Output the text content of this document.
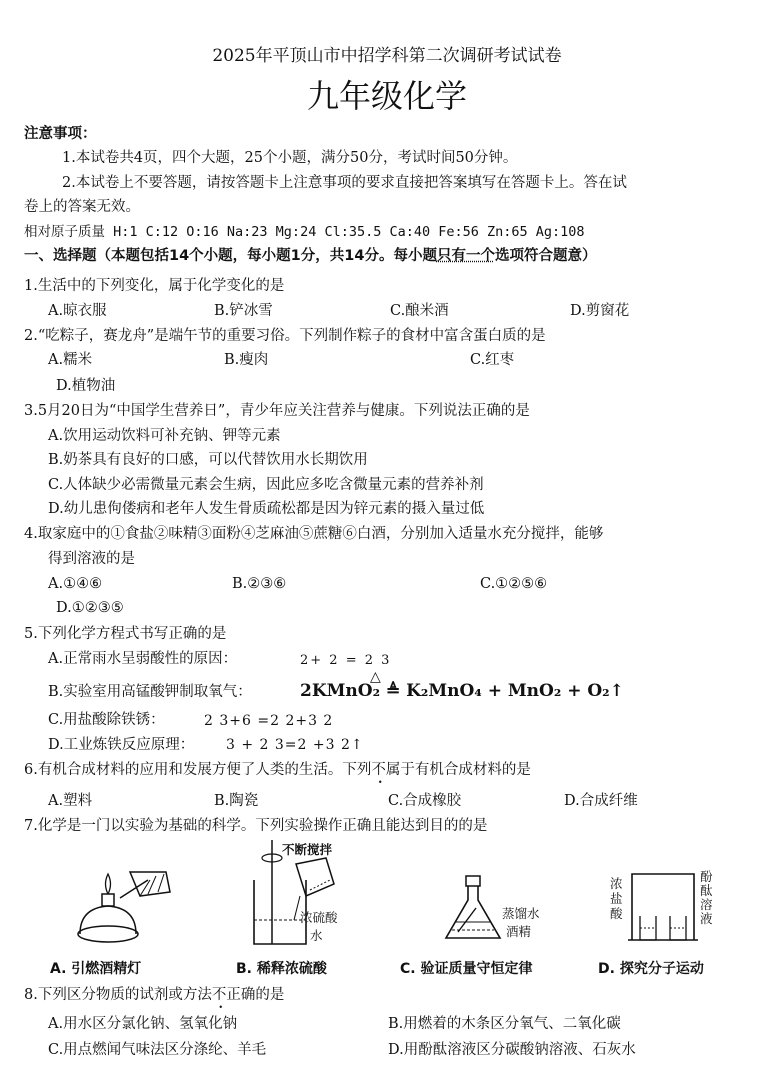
2025年平顶山市中招学科第二次调研考试试卷
九年级化学
注意事项：
1.本试卷共4页，四个大题，25个小题，满分50分，考试时间50分钟。
2.本试卷上不要答题，请按答题卡上注意事项的要求直接把答案填写在答题卡上。答在试
卷上的答案无效。
相对原子质量 H:1 C:12 O:16 Na:23 Mg:24 Cl:35.5 Ca:40 Fe:56 Zn:65 Ag:108
一、选择题（本题包括14个小题，每小题1分，共14分。每小题只有一个选项符合题意）
1.生活中的下列变化，属于化学变化的是
A.晾衣服	B.铲冰雪	C.酿米酒	D.剪窗花
2.“吃粽子，赛龙舟”是端午节的重要习俗。下列制作粽子的食材中富含蛋白质的是
A.糯米	B.瘦肉	C.红枣
D.植物油
3.5月20日为“中国学生营养日”，青少年应关注营养与健康。下列说法正确的是
A.饮用运动饮料可补充钠、钾等元素
B.奶茶具有良好的口感，可以代替饮用水长期饮用
C.人体缺少必需微量元素会生病，因此应多吃含微量元素的营养补剂
D.幼儿患佝偻病和老年人发生骨质疏松都是因为锌元素的摄入量过低
4.取家庭中的①食盐②味精③面粉④芝麻油⑤蔗糖⑥白酒，分别加入适量水充分搅拌，能够
得到溶液的是
A.①④⑥	B.②③⑥	C.①②⑤⑥
D.①②③⑤
5.下列化学方程式书写正确的是
A.正常雨水呈弱酸性的原因：	2+ 2 = 2 3
B.实验室用高锰酸钾制取氧气：	2KMnO₂ ≜ K₂MnO₄ + MnO₂ + O₂↑
△
C.用盐酸除铁锈：	2 3+6 =2 2+3 2
D.工业炼铁反应原理： 3 + 2 3=2 +3 2↑
6.有机合成材料的应用和发展方便了人类的生活。下列不属于有机合成材料的是
A.塑料	B.陶瓷	C.合成橡胶	D.合成纤维
7.化学是一门以实验为基础的科学。下列实验操作正确且能达到目的的是
不断搅拌
浓硫酸
水
蒸馏水
酒精
浓
盐
酸
酚
酞
溶
液
A. 引燃酒精灯	B. 稀释浓硫酸	C. 验证质量守恒定律	D. 探究分子运动
8.下列区分物质的试剂或方法不正确的是
A.用水区分氯化钠、氢氧化钠	B.用燃着的木条区分氧气、二氧化碳
C.用点燃闻气味法区分涤纶、羊毛	D.用酚酞溶液区分碳酸钠溶液、石灰水
